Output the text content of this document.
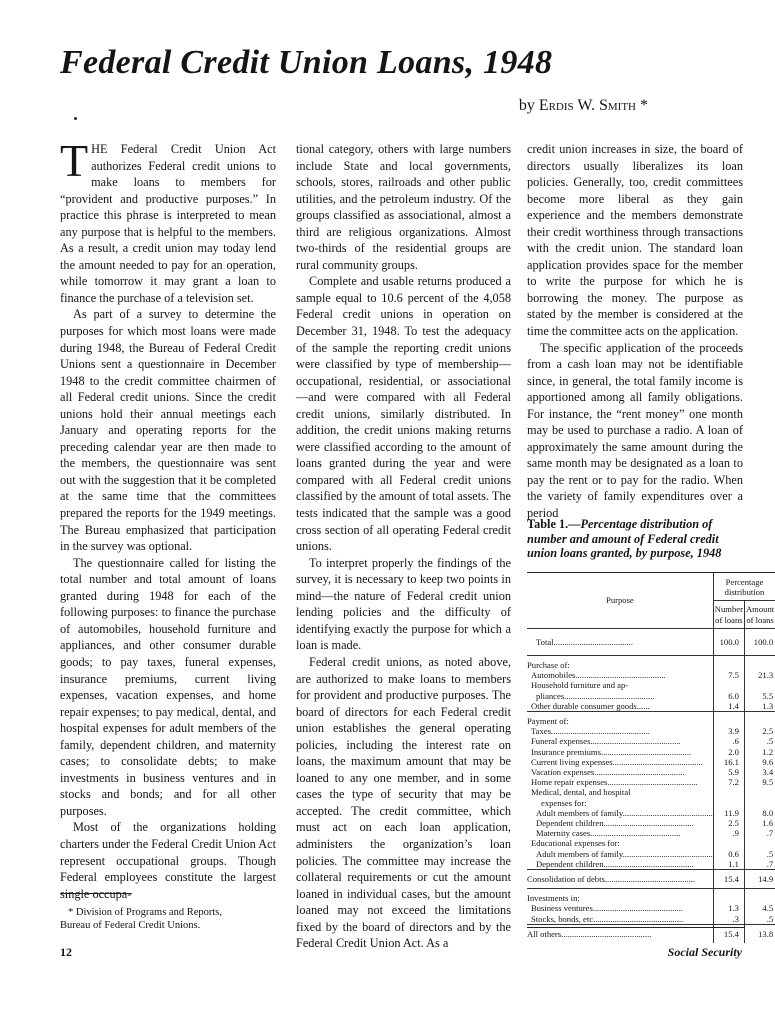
Federal Credit Union Loans, 1948
by Erdis W. Smith *

THE Federal Credit Union Act authorizes Federal credit unions to make loans to members for “provident and productive purposes.” In practice this phrase is interpreted to mean any purpose that is helpful to the members. As a result, a credit union may today lend the amount needed to pay for an operation, while tomorrow it may grant a loan to finance the purchase of a television set.

As part of a survey to determine the purposes for which most loans were made during 1948, the Bureau of Federal Credit Unions sent a questionnaire in December 1948 to the credit committee chairmen of all Federal credit unions. Since the credit unions hold their annual meetings each January and operating reports for the preceding calendar year are then made to the members, the questionnaire was sent out with the suggestion that it be completed at the same time that the committees prepared the reports for the 1949 meetings. The Bureau emphasized that participation in the survey was optional.

The questionnaire called for listing the total number and total amount of loans granted during 1948 for each of the following purposes: to finance the purchase of automobiles, household furniture and appliances, and other consumer durable goods; to pay taxes, funeral expenses, insurance premiums, current living expenses, vacation expenses, and home repair expenses; to pay medical, dental, and hospital expenses for adult members of the family, dependent children, and maternity cases; to consolidate debts; to make investments in business ventures and in stocks and bonds; and for all other purposes.

Most of the organizations holding charters under the Federal Credit Union Act represent occupational groups. Though Federal employees constitute the largest single occupa-

* Division of Programs and Reports,
Bureau of Federal Credit Unions.

tional category, others with large numbers include State and local governments, schools, stores, railroads and other public utilities, and the petroleum industry. Of the groups classified as associational, almost a third are religious organizations. Almost two-thirds of the residential groups are rural community groups.

Complete and usable returns produced a sample equal to 10.6 percent of the 4,058 Federal credit unions in operation on December 31, 1948. To test the adequacy of the sample the reporting credit unions were classified by type of membership—occupational, residential, or associational—and were compared with all Federal credit unions, similarly distributed. In addition, the credit unions making returns were classified according to the amount of loans granted during the year and were compared with all Federal credit unions classified by the amount of total assets. The tests indicated that the sample was a good cross section of all operating Federal credit unions.

To interpret properly the findings of the survey, it is necessary to keep two points in mind—the nature of Federal credit union lending policies and the difficulty of identifying exactly the purpose for which a loan is made.

Federal credit unions, as noted above, are authorized to make loans to members for provident and productive purposes. The board of directors for each Federal credit union establishes the general operating policies, including the interest rate on loans, the maximum amount that may be loaned to any one member, and in some cases the type of security that may be accepted. The credit committee, which must act on each loan application, administers the organization’s loan policies. The committee may increase the collateral requirements or cut the amount loaned in individual cases, but the amount loaned may not exceed the limitations fixed by the board of directors and by the Federal Credit Union Act. As a

credit union increases in size, the board of directors usually liberalizes its loan policies. Generally, too, credit committees become more liberal as they gain experience and the members demonstrate their credit worthiness through transactions with the credit union. The standard loan application provides space for the member to write the purpose for which he is borrowing the money. The purpose as stated by the member is considered at the time the committee acts on the application.

The specific application of the proceeds from a cash loan may not be identifiable since, in general, the total family income is apportioned among all family obligations. For instance, the “rent money” one month may be used to purchase a radio. A loan of approximately the same amount during the same month may be designated as a loan to pay the rent or to pay for the radio. When the variety of family expenditures over a period

Table 1.—Percentage distribution of number and amount of Federal credit union loans granted, by purpose, 1948
Purpose	Percentage distribution	
	Number of loans	Amount of loans

Total.....................................	100.0	100.0
Purchase of:		

Automobiles..........................................	7.5	21.3
Household furniture and ap-		

pliances..........................................	6.0	5.5

Other durable consumer goods......	1.4	1.3
Payment of:		

Taxes..............................................	3.9	2.5

Funeral expenses..........................................	.6	.5

Insurance premiums..........................................	2.0	1.2

Current living expenses..........................................	16.1	9.6

Vacation expenses..........................................	5.9	3.4

Home repair expenses..........................................	7.2	9.5
Medical, dental, and hospital		
expenses for:		

Adult members of family..........................................	11.9	8.0

Dependent children..........................................	2.5	1.6

Maternity cases..........................................	.9	.7
Educational expenses for:		

Adult members of family..........................................	0.6	.5

Dependent children..........................................	1.1	.7

Consolidation of debts..........................................	15.4	14.9
Investments in:		

Business ventures..........................................	1.3	4.5

Stocks, bonds, etc..........................................	.3	.5

All others..........................................	15.4	13.8
12	Social Security
